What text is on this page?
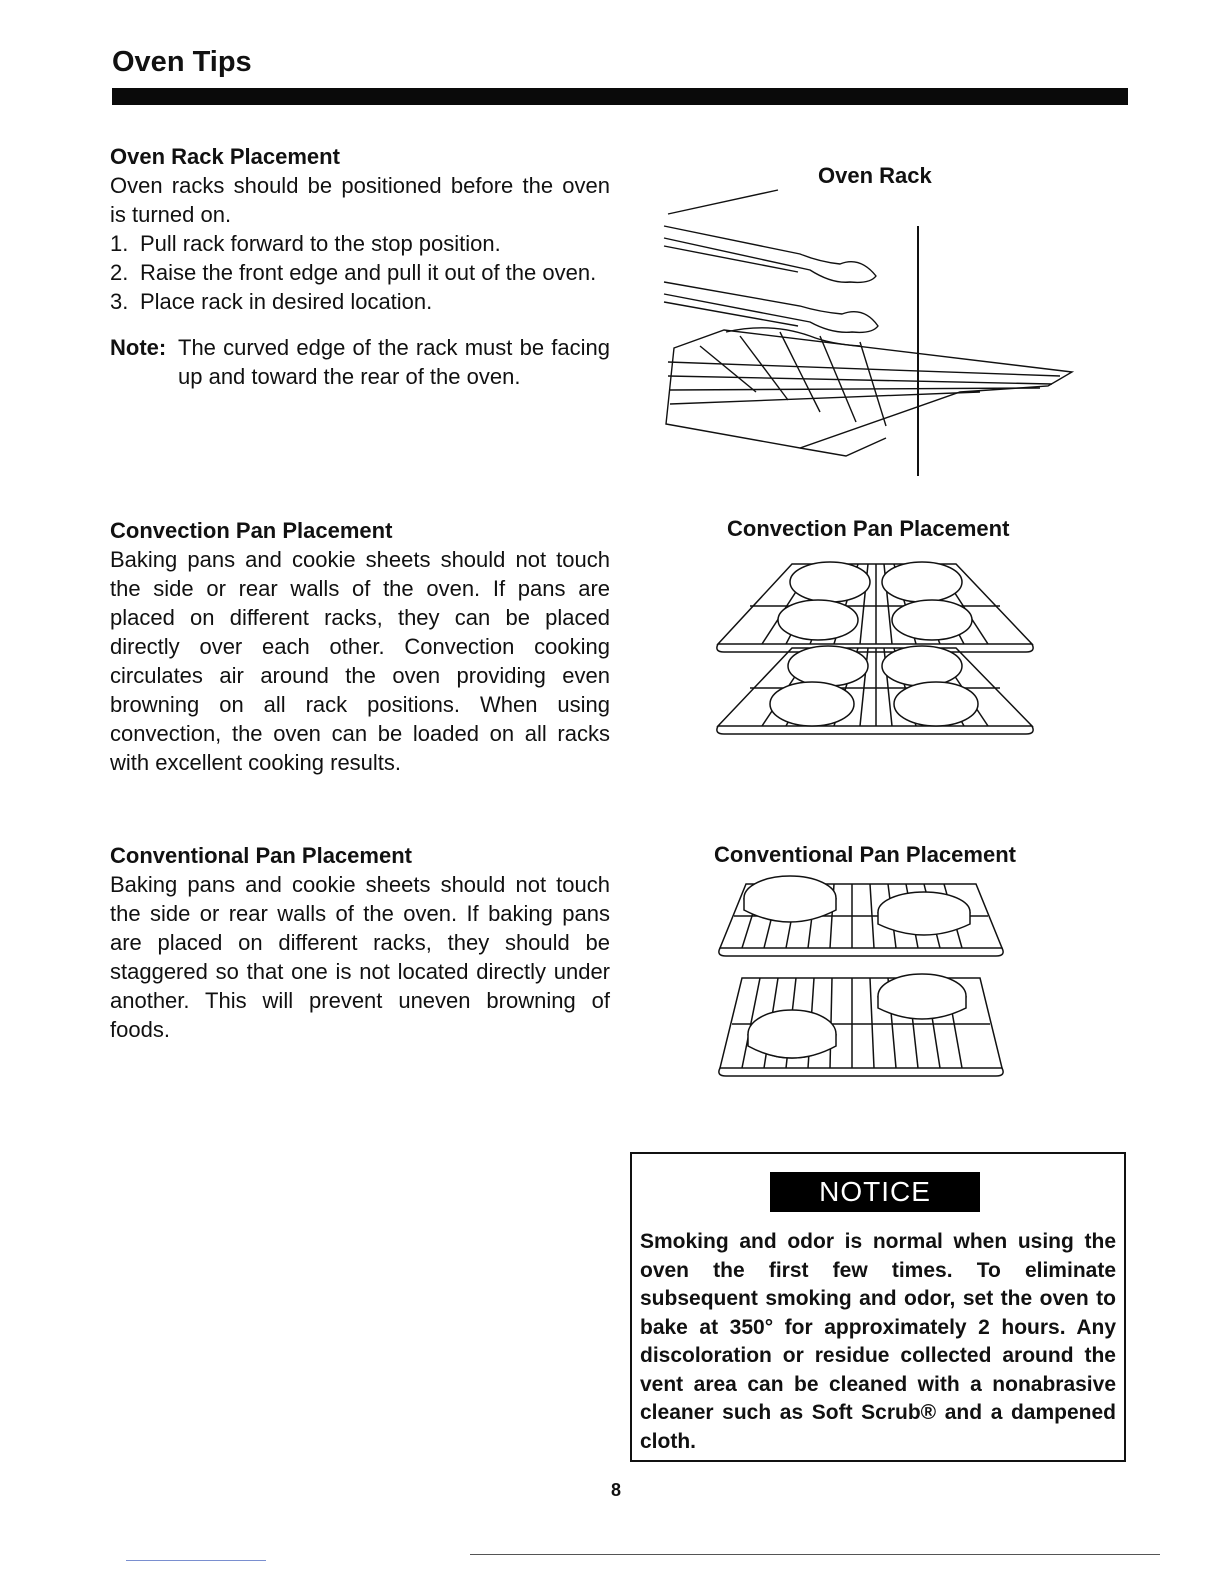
Oven Tips
Oven Rack Placement

Oven racks should be positioned before the oven is turned on.

1. Pull rack forward to the stop position.
2. Raise the front edge and pull it out of the oven.
3. Place rack in desired location.
Note: The curved edge of the rack must be facing up and toward the rear of the oven.
Convection Pan Placement

Baking pans and cookie sheets should not touch the side or rear walls of the oven. If pans are placed on different racks, they can be placed directly over each other. Convection cooking circulates air around the oven providing even browning on all rack positions. When using convection, the oven can be loaded on all racks with excellent cooking results.

Conventional Pan Placement

Baking pans and cookie sheets should not touch the side or rear walls of the oven. If baking pans are placed on different racks, they should be staggered so that one is not located directly under another. This will prevent uneven browning of foods.

Oven Rack
Convection Pan Placement
Conventional Pan Placement
NOTICE

Smoking and odor is normal when using the oven the first few times. To eliminate subsequent smoking and odor, set the oven to bake at 350° for approximately 2 hours. Any discoloration or residue collected around the vent area can be cleaned with a nonabrasive cleaner such as Soft Scrub® and a dampened cloth.

8
